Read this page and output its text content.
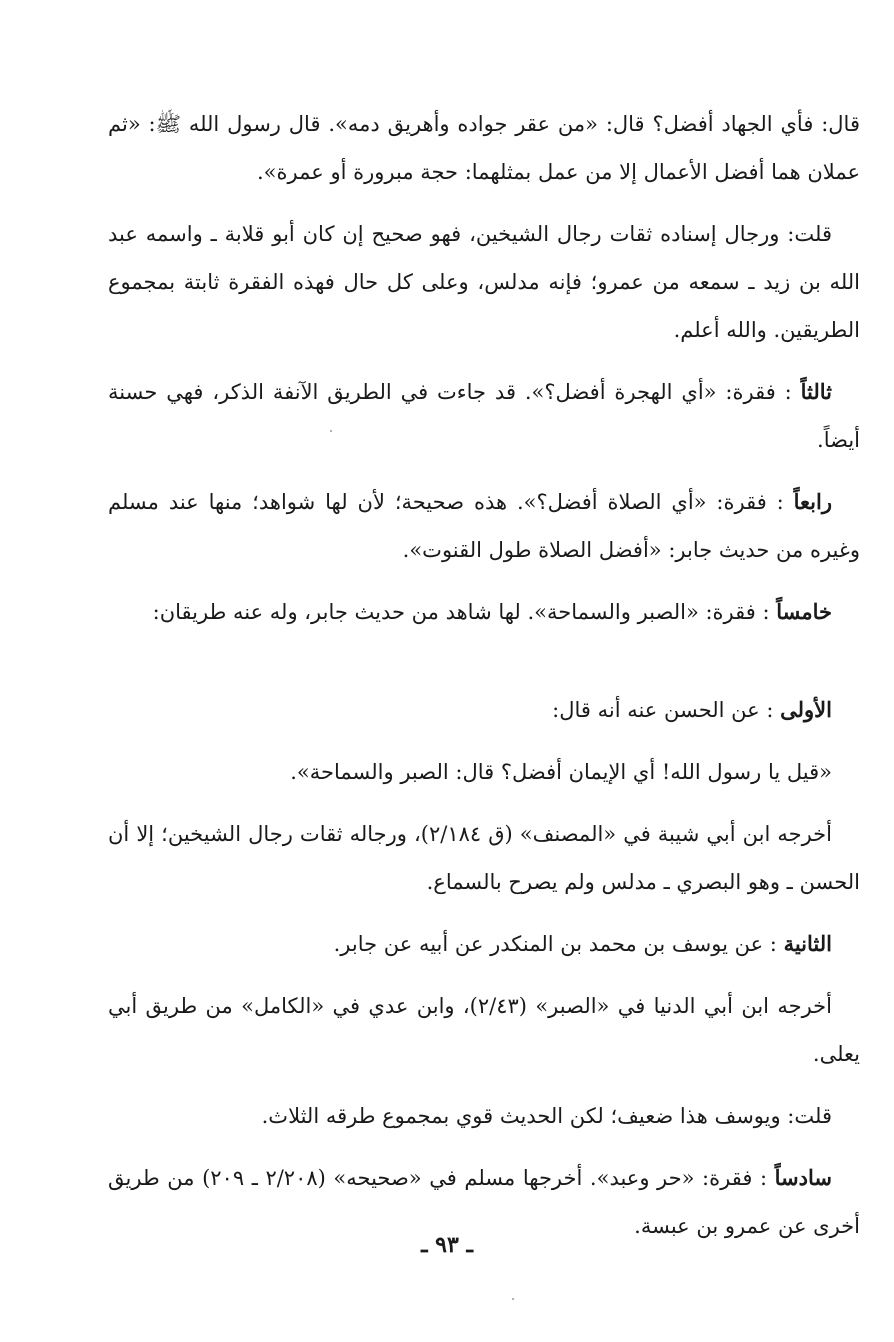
قال: فأي الجهاد أفضل؟ قال: «من عقر جواده وأهريق دمه». قال رسول الله ﷺ: «ثم عملان هما أفضل الأعمال إلا من عمل بمثلهما: حجة مبرورة أو عمرة».

قلت: ورجال إسناده ثقات رجال الشيخين، فهو صحيح إن كان أبو قلابة ـ واسمه عبد الله بن زيد ـ سمعه من عمرو؛ فإنه مدلس، وعلى كل حال فهذه الفقرة ثابتة بمجموع الطريقين. والله أعلم.

ثالثاً : فقرة: «أي الهجرة أفضل؟». قد جاءت في الطريق الآنفة الذكر، فهي حسنة أيضاً.

رابعاً : فقرة: «أي الصلاة أفضل؟». هذه صحيحة؛ لأن لها شواهد؛ منها عند مسلم وغيره من حديث جابر: «أفضل الصلاة طول القنوت».

خامساً : فقرة: «الصبر والسماحة». لها شاهد من حديث جابر، وله عنه طريقان:

الأولى : عن الحسن عنه أنه قال:

«قيل يا رسول الله! أي الإيمان أفضل؟ قال: الصبر والسماحة».

أخرجه ابن أبي شيبة في «المصنف» (ق ٢/١٨٤)، ورجاله ثقات رجال الشيخين؛ إلا أن الحسن ـ وهو البصري ـ مدلس ولم يصرح بالسماع.

الثانية : عن يوسف بن محمد بن المنكدر عن أبيه عن جابر.

أخرجه ابن أبي الدنيا في «الصبر» (٢/٤٣)، وابن عدي في «الكامل» من طريق أبي يعلى.

قلت: ويوسف هذا ضعيف؛ لكن الحديث قوي بمجموع طرقه الثلاث.

سادساً : فقرة: «حر وعبد». أخرجها مسلم في «صحيحه» (٢/٢٠٨ ـ ٢٠٩) من طريق أخرى عن عمرو بن عبسة.

ـ ٩٣ ـ
